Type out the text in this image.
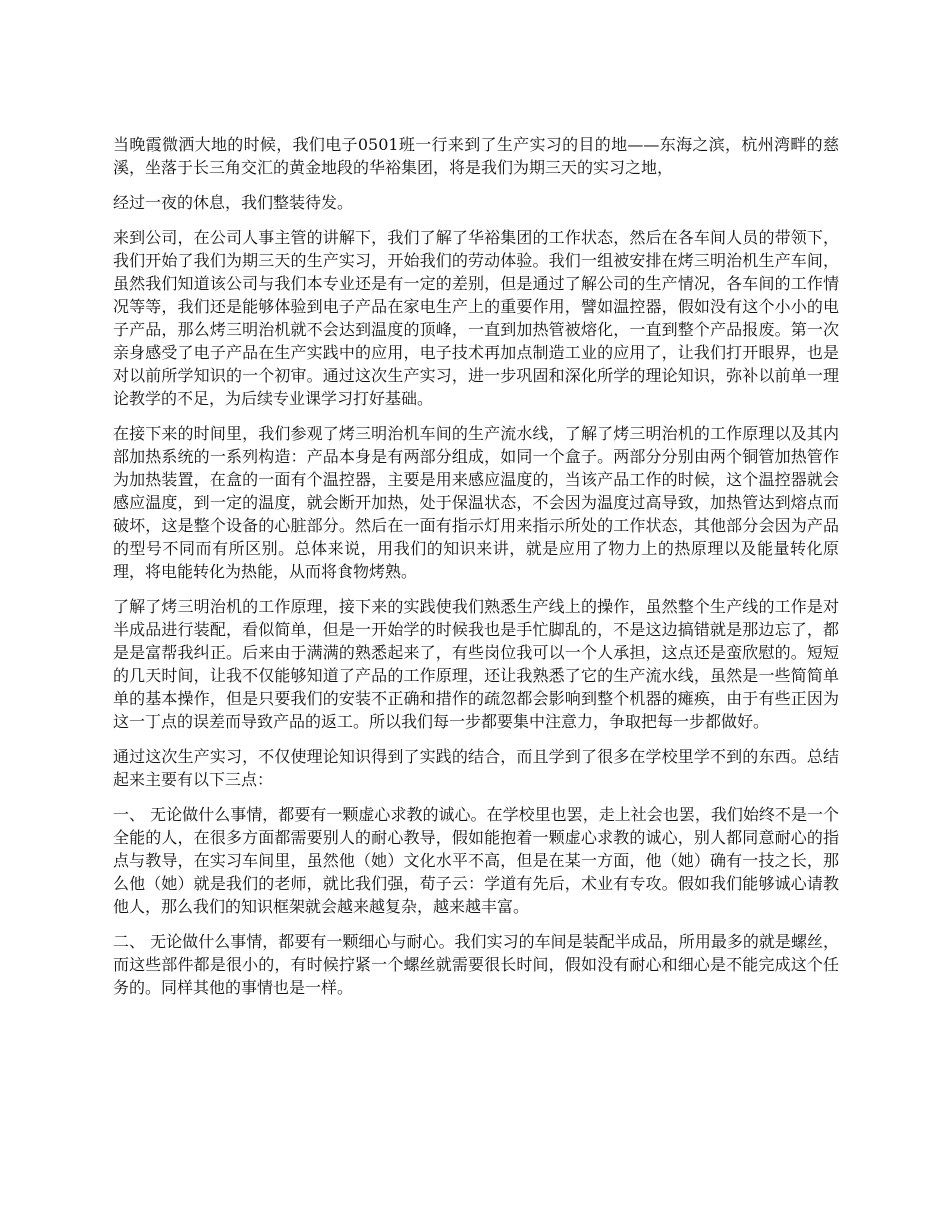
当晚霞微洒大地的时候，我们电子0501班一行来到了生产实习的目的地——东海之滨，杭州湾畔的慈溪，坐落于长三角交汇的黄金地段的华裕集团，将是我们为期三天的实习之地，

经过一夜的休息，我们整装待发。

来到公司，在公司人事主管的讲解下，我们了解了华裕集团的工作状态，然后在各车间人员的带领下，我们开始了我们为期三天的生产实习，开始我们的劳动体验。我们一组被安排在烤三明治机生产车间，虽然我们知道该公司与我们本专业还是有一定的差别，但是通过了解公司的生产情况，各车间的工作情况等等，我们还是能够体验到电子产品在家电生产上的重要作用，譬如温控器，假如没有这个小小的电子产品，那么烤三明治机就不会达到温度的顶峰，一直到加热管被熔化，一直到整个产品报废。第一次亲身感受了电子产品在生产实践中的应用，电子技术再加点制造工业的应用了，让我们打开眼界，也是对以前所学知识的一个初审。通过这次生产实习，进一步巩固和深化所学的理论知识，弥补以前单一理论教学的不足，为后续专业课学习打好基础。

在接下来的时间里，我们参观了烤三明治机车间的生产流水线，了解了烤三明治机的工作原理以及其内部加热系统的一系列构造：产品本身是有两部分组成，如同一个盒子。两部分分别由两个铜管加热管作为加热装置，在盒的一面有个温控器，主要是用来感应温度的，当该产品工作的时候，这个温控器就会感应温度，到一定的温度，就会断开加热，处于保温状态，不会因为温度过高导致，加热管达到熔点而破坏，这是整个设备的心脏部分。然后在一面有指示灯用来指示所处的工作状态，其他部分会因为产品的型号不同而有所区别。总体来说，用我们的知识来讲，就是应用了物力上的热原理以及能量转化原理，将电能转化为热能，从而将食物烤熟。

了解了烤三明治机的工作原理，接下来的实践使我们熟悉生产线上的操作，虽然整个生产线的工作是对半成品进行装配，看似简单，但是一开始学的时候我也是手忙脚乱的，不是这边搞错就是那边忘了，都是是富帮我纠正。后来由于满满的熟悉起来了，有些岗位我可以一个人承担，这点还是蛮欣慰的。短短的几天时间，让我不仅能够知道了产品的工作原理，还让我熟悉了它的生产流水线，虽然是一些简简单单的基本操作，但是只要我们的安装不正确和措作的疏忽都会影响到整个机器的瘫痪，由于有些正因为这一丁点的误差而导致产品的返工。所以我们每一步都要集中注意力，争取把每一步都做好。

通过这次生产实习，不仅使理论知识得到了实践的结合，而且学到了很多在学校里学不到的东西。总结起来主要有以下三点：

一、 无论做什么事情，都要有一颗虚心求教的诚心。在学校里也罢，走上社会也罢，我们始终不是一个全能的人，在很多方面都需要别人的耐心教导，假如能抱着一颗虚心求教的诚心，别人都同意耐心的指点与教导，在实习车间里，虽然他（她）文化水平不高，但是在某一方面，他（她）确有一技之长，那么他（她）就是我们的老师，就比我们强，荀子云：学道有先后，术业有专攻。假如我们能够诚心请教他人，那么我们的知识框架就会越来越复杂，越来越丰富。

二、 无论做什么事情，都要有一颗细心与耐心。我们实习的车间是装配半成品，所用最多的就是螺丝，而这些部件都是很小的，有时候拧紧一个螺丝就需要很长时间，假如没有耐心和细心是不能完成这个任务的。同样其他的事情也是一样。
